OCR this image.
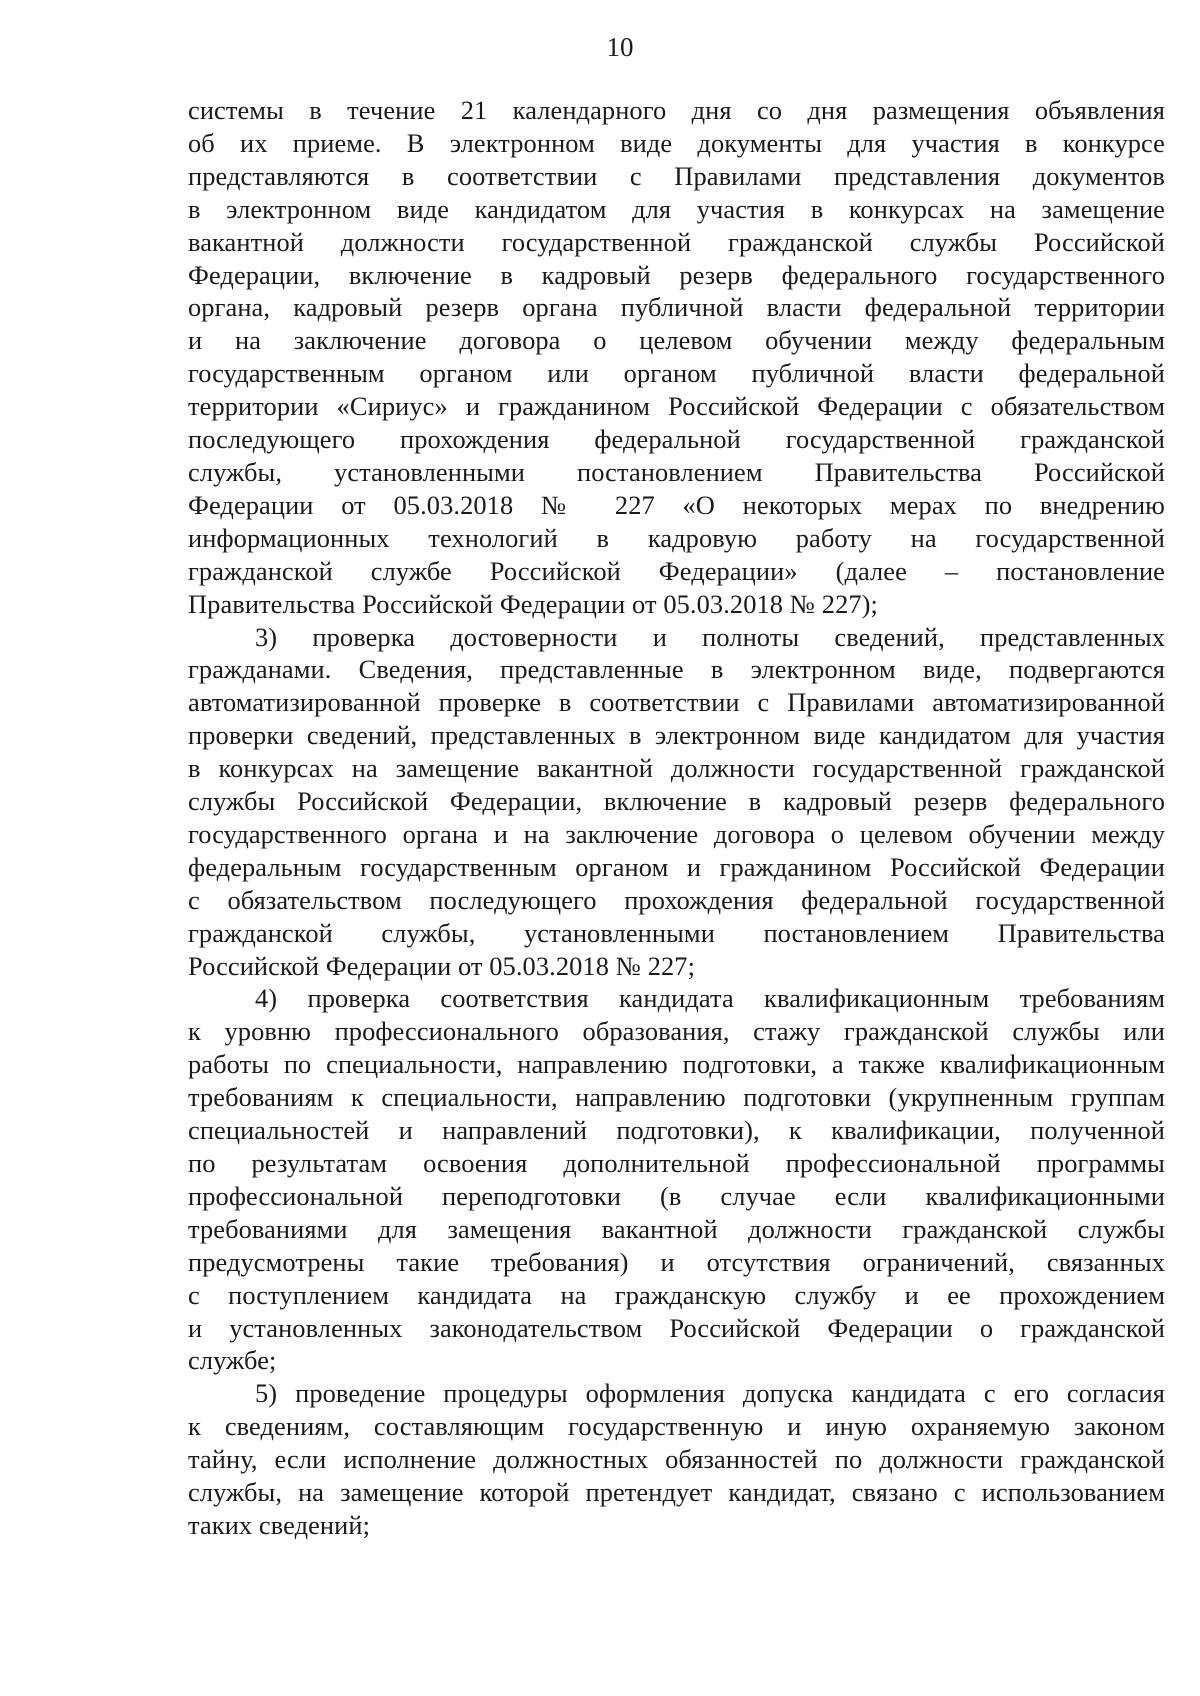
10

системы в течение 21 календарного дня со дня размещения объявления
об их приеме. В электронном виде документы для участия в конкурсе
представляются в соответствии с Правилами представления документов
в электронном виде кандидатом для участия в конкурсах на замещение
вакантной должности государственной гражданской службы Российской
Федерации, включение в кадровый резерв федерального государственного
органа, кадровый резерв органа публичной власти федеральной территории
и на заключение договора о целевом обучении между федеральным
государственным органом или органом публичной власти федеральной
территории «Сириус» и гражданином Российской Федерации с обязательством
последующего прохождения федеральной государственной гражданской
службы, установленными постановлением Правительства Российской
Федерации от 05.03.2018 № 227 «О некоторых мерах по внедрению
информационных технологий в кадровую работу на государственной
гражданской службе Российской Федерации» (далее – постановление
Правительства Российской Федерации от 05.03.2018 № 227);

3) проверка достоверности и полноты сведений, представленных
гражданами. Сведения, представленные в электронном виде, подвергаются
автоматизированной проверке в соответствии с Правилами автоматизированной
проверки сведений, представленных в электронном виде кандидатом для участия
в конкурсах на замещение вакантной должности государственной гражданской
службы Российской Федерации, включение в кадровый резерв федерального
государственного органа и на заключение договора о целевом обучении между
федеральным государственным органом и гражданином Российской Федерации
с обязательством последующего прохождения федеральной государственной
гражданской службы, установленными постановлением Правительства
Российской Федерации от 05.03.2018 № 227;

4) проверка соответствия кандидата квалификационным требованиям
к уровню профессионального образования, стажу гражданской службы или
работы по специальности, направлению подготовки, а также квалификационным
требованиям к специальности, направлению подготовки (укрупненным группам
специальностей и направлений подготовки), к квалификации, полученной
по результатам освоения дополнительной профессиональной программы
профессиональной переподготовки (в случае если квалификационными
требованиями для замещения вакантной должности гражданской службы
предусмотрены такие требования) и отсутствия ограничений, связанных
с поступлением кандидата на гражданскую службу и ее прохождением
и установленных законодательством Российской Федерации о гражданской
службе;

5) проведение процедуры оформления допуска кандидата с его согласия
к сведениям, составляющим государственную и иную охраняемую законом
тайну, если исполнение должностных обязанностей по должности гражданской
службы, на замещение которой претендует кандидат, связано с использованием
таких сведений;
